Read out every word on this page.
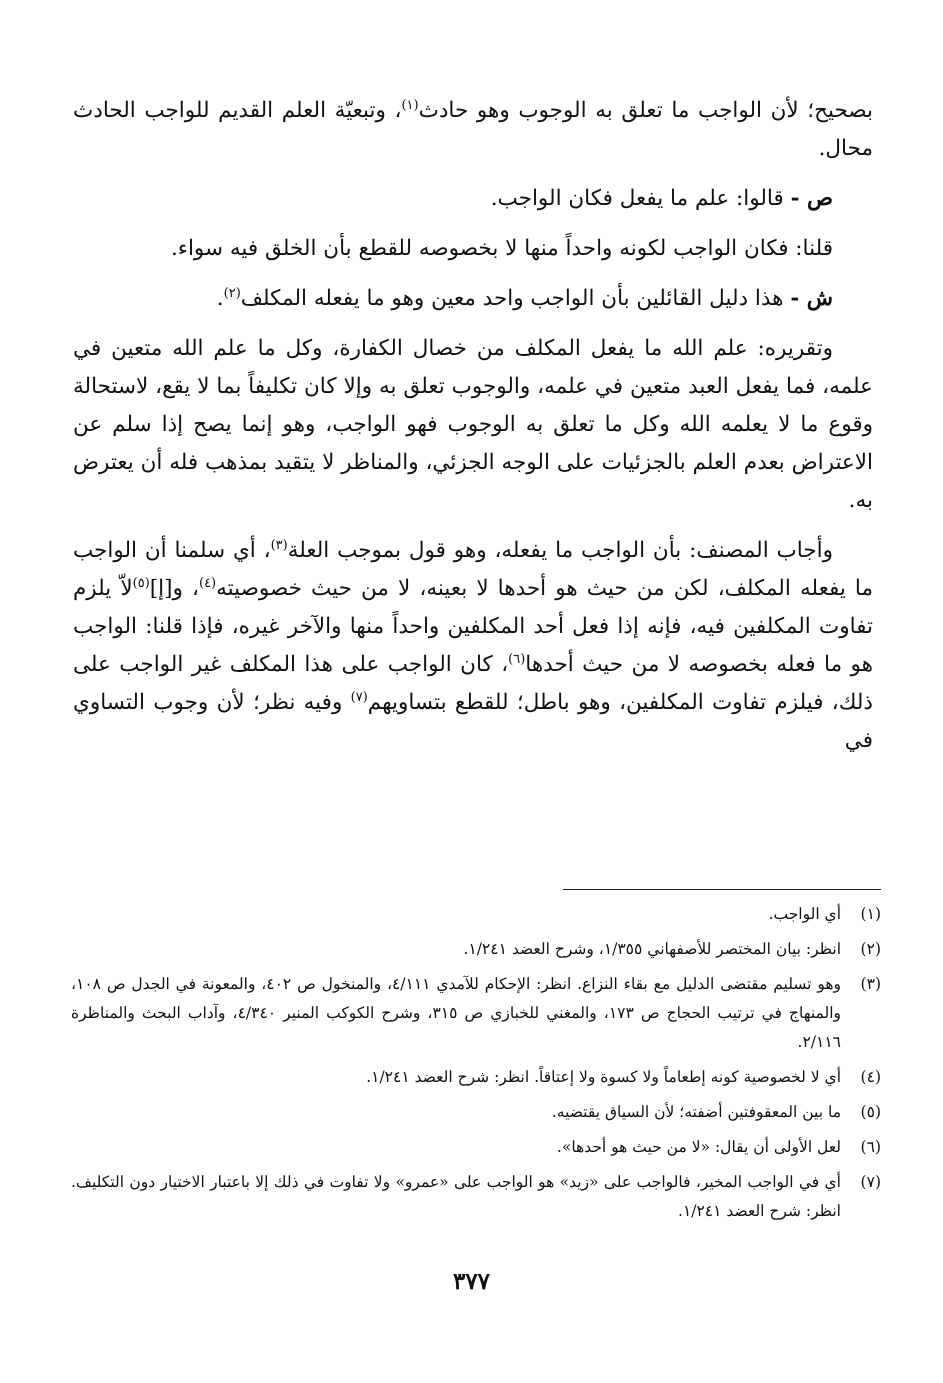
بصحيح؛ لأن الواجب ما تعلق به الوجوب وهو حادث$^{(١)}$، وتبعيّة العلم القديم للواجب الحادث محال.

ص - قالوا: علم ما يفعل فكان الواجب.

قلنا: فكان الواجب لكونه واحداً منها لا بخصوصه للقطع بأن الخلق فيه سواء.

ش - هذا دليل القائلين بأن الواجب واحد معين وهو ما يفعله المكلف$^{(٢)}$.

وتقريره: علم الله ما يفعل المكلف من خصال الكفارة، وكل ما علم الله متعين في علمه، فما يفعل العبد متعين في علمه، والوجوب تعلق به وإلا كان تكليفاً بما لا يقع، لاستحالة وقوع ما لا يعلمه الله وكل ما تعلق به الوجوب فهو الواجب، وهو إنما يصح إذا سلم عن الاعتراض بعدم العلم بالجزئيات على الوجه الجزئي، والمناظر لا يتقيد بمذهب فله أن يعترض به.

وأجاب المصنف: بأن الواجب ما يفعله، وهو قول بموجب العلة$^{(٣)}$، أي سلمنا أن الواجب ما يفعله المكلف، لكن من حيث هو أحدها لا بعينه، لا من حيث خصوصيته$^{(٤)}$، و[إ]$^{(٥)}$لاّ يلزم تفاوت المكلفين فيه، فإنه إذا فعل أحد المكلفين واحداً منها والآخر غيره، فإذا قلنا: الواجب هو ما فعله بخصوصه لا من حيث أحدها$^{(٦)}$، كان الواجب على هذا المكلف غير الواجب على ذلك، فيلزم تفاوت المكلفين، وهو باطل؛ للقطع بتساويهم$^{(٧)}$ وفيه نظر؛ لأن وجوب التساوي في

(١)
أي الواجب.
(٢)
انظر: بيان المختصر للأصفهاني ١/٣٥٥، وشرح العضد ١/٢٤١.
(٣)
وهو تسليم مقتضى الدليل مع بقاء النزاع. انظر: الإحكام للآمدي ٤/١١١، والمنخول ص ٤٠٢، والمعونة في الجدل ص ١٠٨، والمنهاج في ترتيب الحجاج ص ١٧٣، والمغني للخبازي ص ٣١٥، وشرح الكوكب المنير ٤/٣٤٠، وآداب البحث والمناظرة ٢/١١٦.
(٤)
أي لا لخصوصية كونه إطعاماً ولا كسوة ولا إعتاقاً. انظر: شرح العضد ١/٢٤١.
(٥)
ما بين المعقوفتين أضفته؛ لأن السياق يقتضيه.
(٦)
لعل الأولى أن يقال: «لا من حيث هو أحدها».
(٧)
أي في الواجب المخير، فالواجب على «زيد» هو الواجب على «عمرو» ولا تفاوت في ذلك إلا باعتبار الاختيار دون التكليف. انظر: شرح العضد ١/٢٤١.
٣٧٧
